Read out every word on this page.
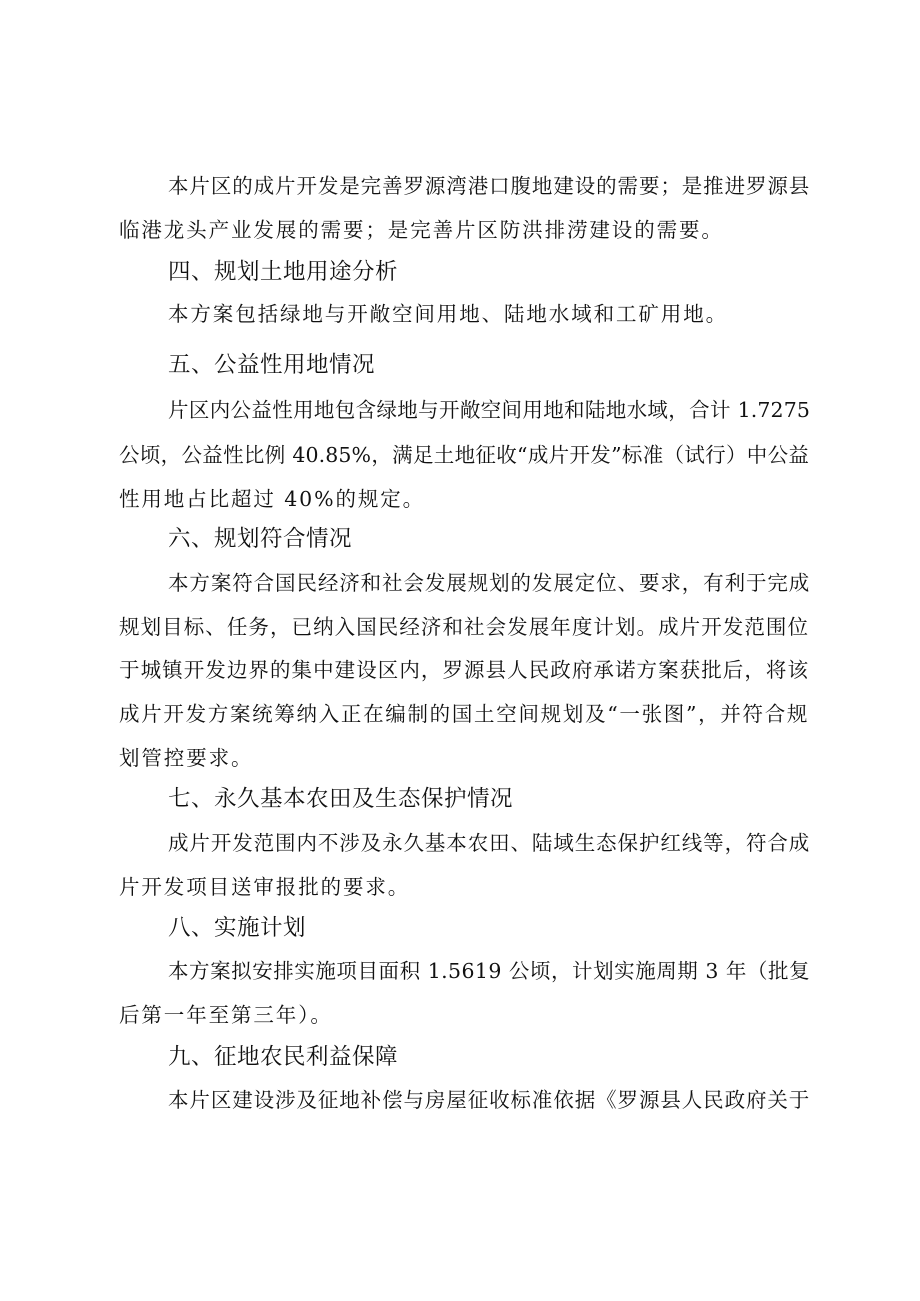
本片区的成片开发是完善罗源湾港口腹地建设的需要；是推进罗源县
临港龙头产业发展的需要；是完善片区防洪排涝建设的需要。
四、规划土地用途分析
本方案包括绿地与开敞空间用地、陆地水域和工矿用地。
五、公益性用地情况
片区内公益性用地包含绿地与开敞空间用地和陆地水域，合计 1.7275
公顷，公益性比例 40.85%，满足土地征收“成片开发”标准（试行）中公益
性用地占比超过 40%的规定。
六、规划符合情况
本方案符合国民经济和社会发展规划的发展定位、要求，有利于完成
规划目标、任务，已纳入国民经济和社会发展年度计划。成片开发范围位
于城镇开发边界的集中建设区内，罗源县人民政府承诺方案获批后，将该
成片开发方案统筹纳入正在编制的国土空间规划及“一张图”，并符合规
划管控要求。
七、永久基本农田及生态保护情况
成片开发范围内不涉及永久基本农田、陆域生态保护红线等，符合成
片开发项目送审报批的要求。
八、实施计划
本方案拟安排实施项目面积 1.5619 公顷，计划实施周期 3 年（批复
后第一年至第三年）。
九、征地农民利益保障
本片区建设涉及征地补偿与房屋征收标准依据《罗源县人民政府关于
